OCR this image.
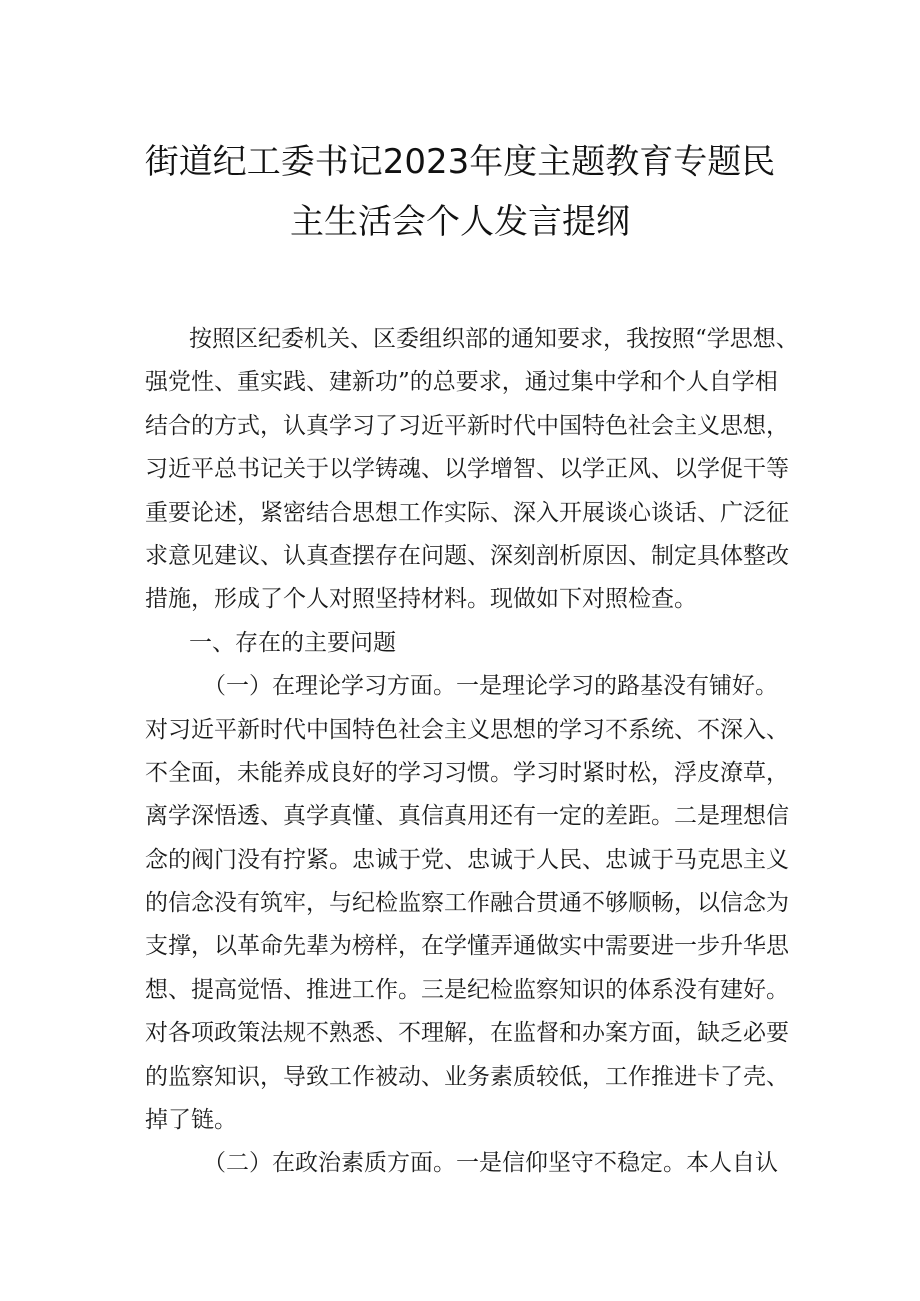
街道纪工委书记2023年度主题教育专题民
主生活会个人发言提纲
按照区纪委机关、区委组织部的通知要求，我按照“学思想、
强党性、重实践、建新功”的总要求，通过集中学和个人自学相
结合的方式，认真学习了习近平新时代中国特色社会主义思想，
习近平总书记关于以学铸魂、以学增智、以学正风、以学促干等
重要论述，紧密结合思想工作实际、深入开展谈心谈话、广泛征
求意见建议、认真查摆存在问题、深刻剖析原因、制定具体整改
措施，形成了个人对照坚持材料。现做如下对照检查。
一、存在的主要问题
（一）在理论学习方面。一是理论学习的路基没有铺好。
对习近平新时代中国特色社会主义思想的学习不系统、不深入、
不全面，未能养成良好的学习习惯。学习时紧时松，浮皮潦草，
离学深悟透、真学真懂、真信真用还有一定的差距。二是理想信
念的阀门没有拧紧。忠诚于党、忠诚于人民、忠诚于马克思主义
的信念没有筑牢，与纪检监察工作融合贯通不够顺畅，以信念为
支撑，以革命先辈为榜样，在学懂弄通做实中需要进一步升华思
想、提高觉悟、推进工作。三是纪检监察知识的体系没有建好。
对各项政策法规不熟悉、不理解，在监督和办案方面，缺乏必要
的监察知识，导致工作被动、业务素质较低，工作推进卡了壳、
掉了链。
（二）在政治素质方面。一是信仰坚守不稳定。本人自认
